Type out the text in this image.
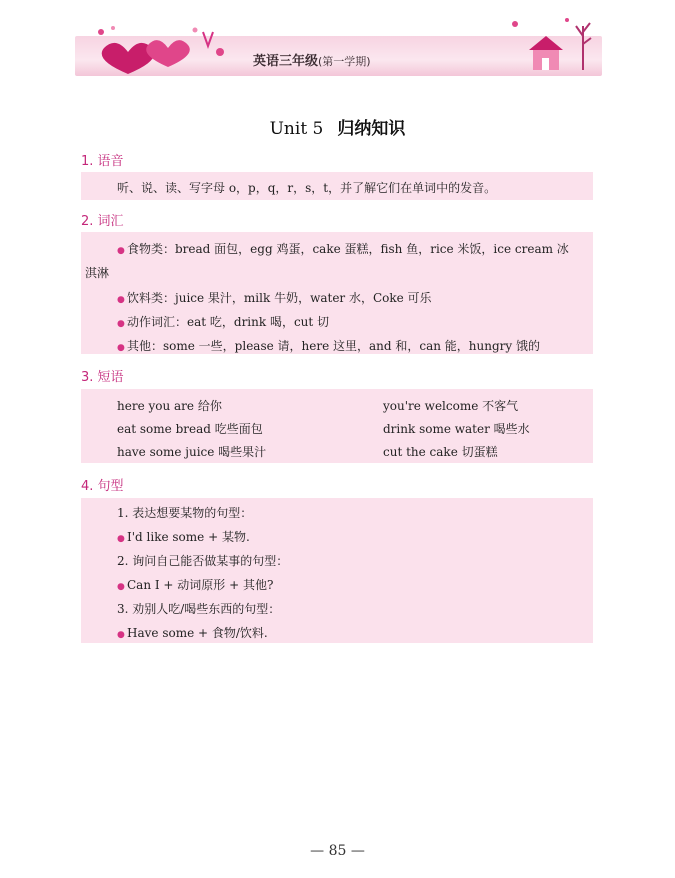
英语三年级(第一学期)
Unit 5 归纳知识
1. 语音
听、说、读、写字母 o，p，q，r，s，t，并了解它们在单词中的发音。
2. 词汇
● 食物类：bread 面包，egg 鸡蛋，cake 蛋糕，fish 鱼，rice 米饭，ice cream 冰
淇淋
● 饮料类：juice 果汁，milk 牛奶，water 水，Coke 可乐
● 动作词汇：eat 吃，drink 喝，cut 切
● 其他：some 一些，please 请，here 这里，and 和，can 能，hungry 饿的
3. 短语
here you are 给你	you're welcome 不客气
eat some bread 吃些面包	drink some water 喝些水
have some juice 喝些果汁	cut the cake 切蛋糕
4. 句型
1. 表达想要某物的句型：
● I'd like some + 某物.
2. 询问自己能否做某事的句型：
● Can I + 动词原形 + 其他?
3. 劝别人吃/喝些东西的句型：
● Have some + 食物/饮料.
— 85 —
